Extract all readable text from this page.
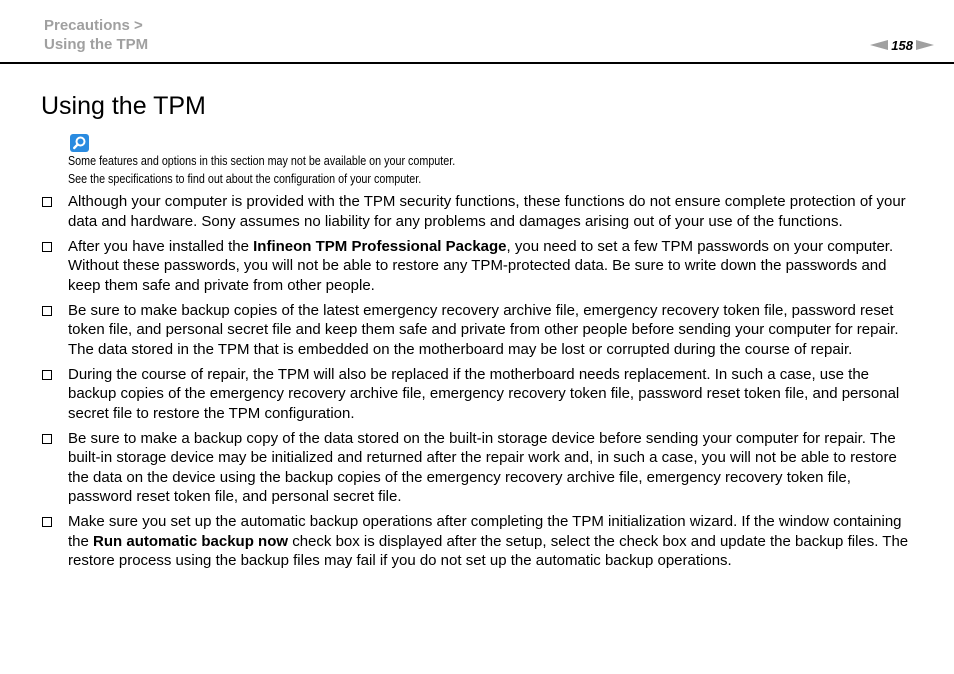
Precautions >
Using the TPM	158
Using the TPM
Some features and options in this section may not be available on your computer.
See the specifications to find out about the configuration of your computer.
Although your computer is provided with the TPM security functions, these functions do not ensure complete protection of your data and hardware. Sony assumes no liability for any problems and damages arising out of your use of the functions.
After you have installed the Infineon TPM Professional Package, you need to set a few TPM passwords on your computer. Without these passwords, you will not be able to restore any TPM-protected data. Be sure to write down the passwords and keep them safe and private from other people.
Be sure to make backup copies of the latest emergency recovery archive file, emergency recovery token file, password reset token file, and personal secret file and keep them safe and private from other people before sending your computer for repair. The data stored in the TPM that is embedded on the motherboard may be lost or corrupted during the course of repair.
During the course of repair, the TPM will also be replaced if the motherboard needs replacement. In such a case, use the backup copies of the emergency recovery archive file, emergency recovery token file, password reset token file, and personal secret file to restore the TPM configuration.
Be sure to make a backup copy of the data stored on the built-in storage device before sending your computer for repair. The built-in storage device may be initialized and returned after the repair work and, in such a case, you will not be able to restore the data on the device using the backup copies of the emergency recovery archive file, emergency recovery token file, password reset token file, and personal secret file.
Make sure you set up the automatic backup operations after completing the TPM initialization wizard. If the window containing the Run automatic backup now check box is displayed after the setup, select the check box and update the backup files. The restore process using the backup files may fail if you do not set up the automatic backup operations.
